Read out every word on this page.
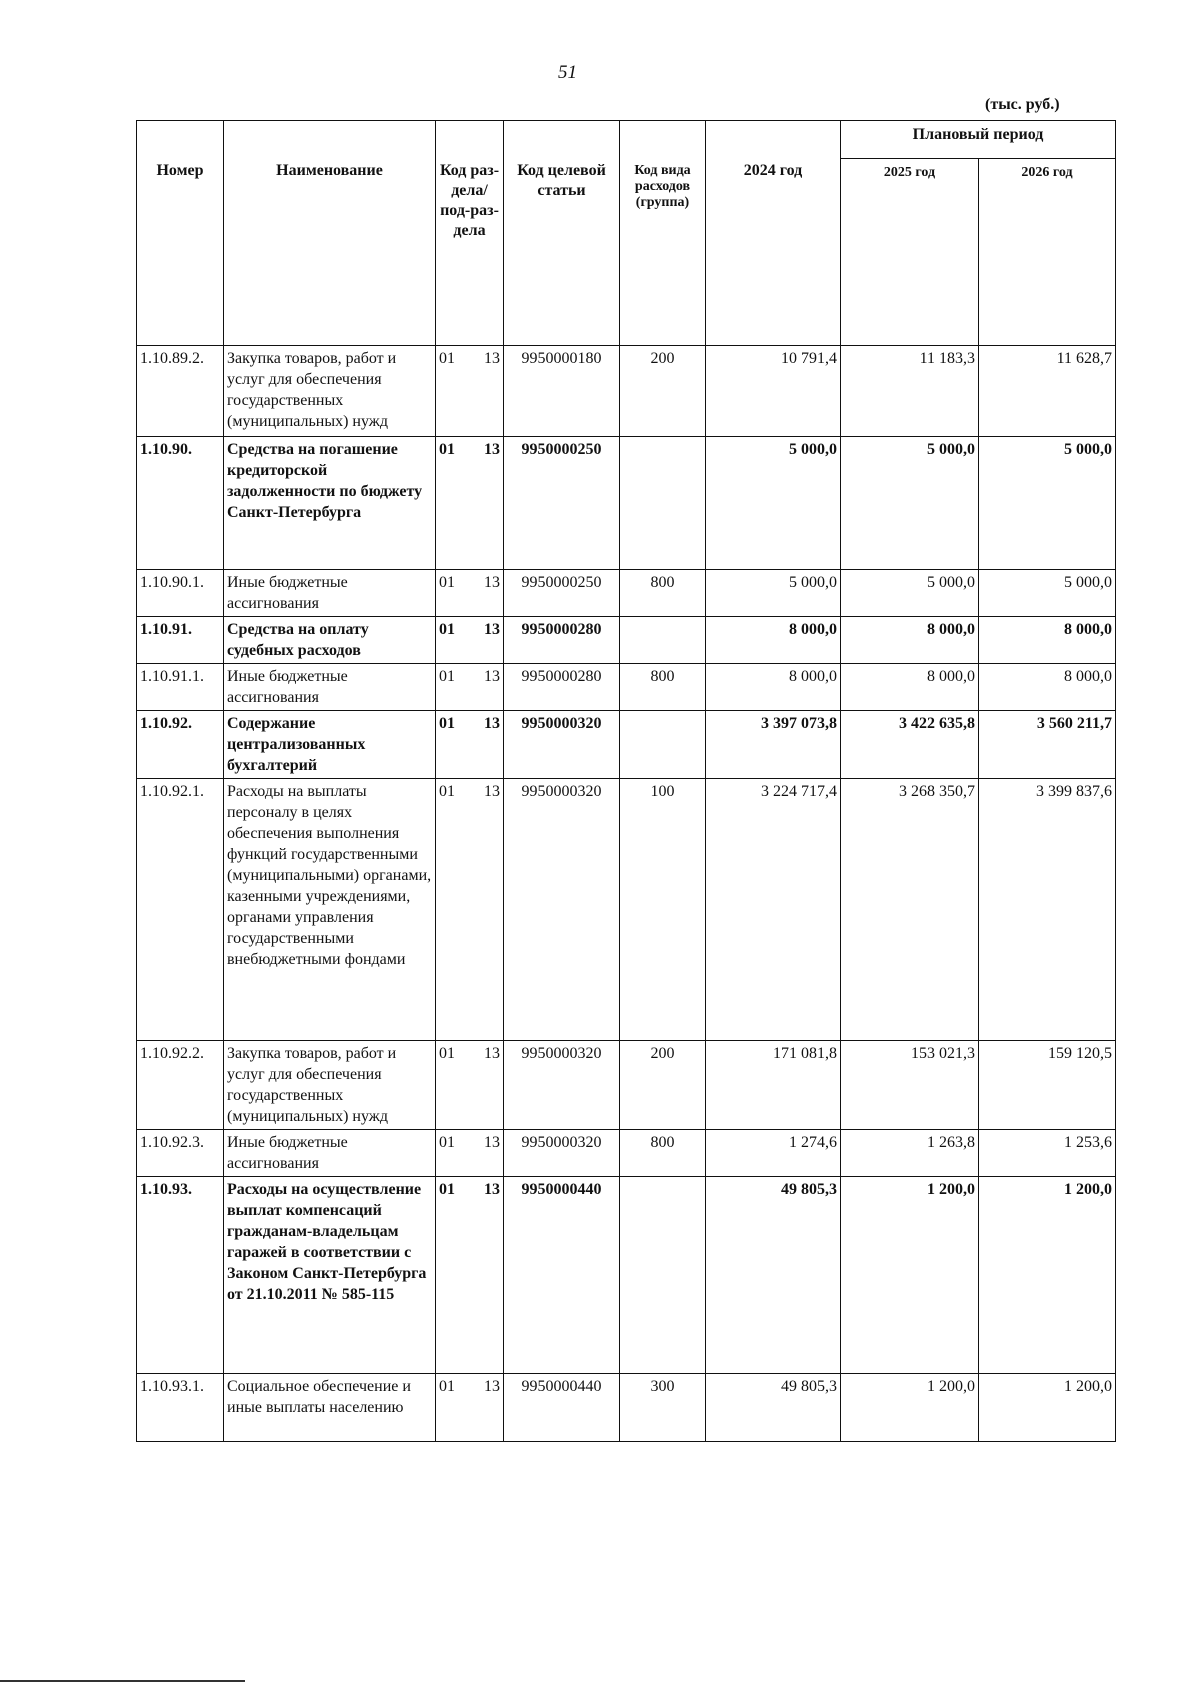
51
(тыс. руб.)
Номер	Наименование	Код раз-дела/ под-раз-дела	Код целевой статьи	Код вида расходов (группа)	2024 год	Плановый период	
						2025 год	2026 год
1.10.89.2.	Закупка товаров, работ и услуг для обеспечения государственных (муниципальных) нужд	01 13	9950000180	200	10 791,4	11 183,3	11 628,7
1.10.90.	Средства на погашение кредиторской задолженности по бюджету Санкт-Петербурга	01 13	9950000250		5 000,0	5 000,0	5 000,0
1.10.90.1.	Иные бюджетные ассигнования	01 13	9950000250	800	5 000,0	5 000,0	5 000,0
1.10.91.	Средства на оплату судебных расходов	01 13	9950000280		8 000,0	8 000,0	8 000,0
1.10.91.1.	Иные бюджетные ассигнования	01 13	9950000280	800	8 000,0	8 000,0	8 000,0
1.10.92.	Содержание централизованных бухгалтерий	01 13	9950000320		3 397 073,8	3 422 635,8	3 560 211,7
1.10.92.1.	Расходы на выплаты персоналу в целях обеспечения выполнения функций государственными (муниципальными) органами, казенными учреждениями, органами управления государственными внебюджетными фондами	01 13	9950000320	100	3 224 717,4	3 268 350,7	3 399 837,6
1.10.92.2.	Закупка товаров, работ и услуг для обеспечения государственных (муниципальных) нужд	01 13	9950000320	200	171 081,8	153 021,3	159 120,5
1.10.92.3.	Иные бюджетные ассигнования	01 13	9950000320	800	1 274,6	1 263,8	1 253,6
1.10.93.	Расходы на осуществление выплат компенсаций гражданам-владельцам гаражей в соответствии с Законом Санкт-Петербурга от 21.10.2011 № 585-115	01 13	9950000440		49 805,3	1 200,0	1 200,0
1.10.93.1.	Социальное обеспечение и иные выплаты населению	01 13	9950000440	300	49 805,3	1 200,0	1 200,0
